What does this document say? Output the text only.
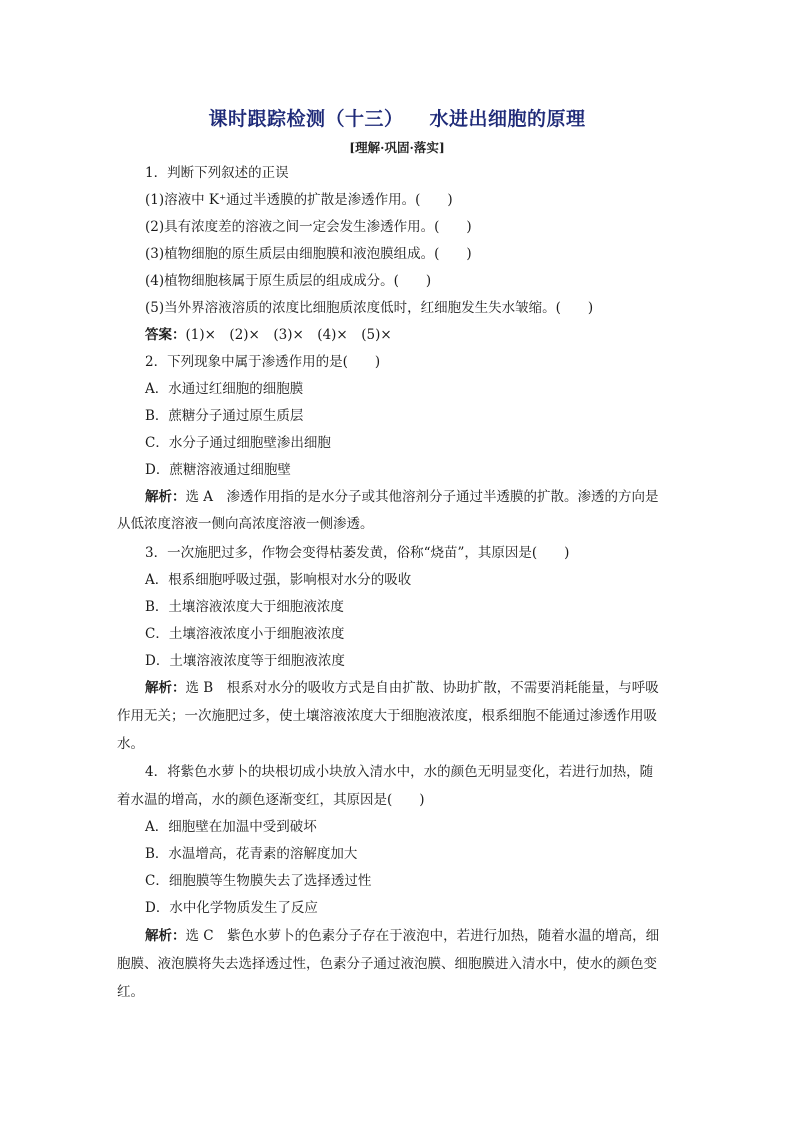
课时跟踪检测（十三） 水进出细胞的原理
[理解·巩固·落实]
1．判断下列叙述的正误
(1)溶液中 K⁺通过半透膜的扩散是渗透作用。(　　)
(2)具有浓度差的溶液之间一定会发生渗透作用。(　　)
(3)植物细胞的原生质层由细胞膜和液泡膜组成。(　　)
(4)植物细胞核属于原生质层的组成成分。(　　)
(5)当外界溶液溶质的浓度比细胞质浓度低时，红细胞发生失水皱缩。(　　)
答案：(1)×　(2)×　(3)×　(4)×　(5)×
2．下列现象中属于渗透作用的是(　　)
A．水通过红细胞的细胞膜
B．蔗糖分子通过原生质层
C．水分子通过细胞壁渗出细胞
D．蔗糖溶液通过细胞壁
解析：选 A　渗透作用指的是水分子或其他溶剂分子通过半透膜的扩散。渗透的方向是
从低浓度溶液一侧向高浓度溶液一侧渗透。
3．一次施肥过多，作物会变得枯萎发黄，俗称“烧苗”，其原因是(　　)
A．根系细胞呼吸过强，影响根对水分的吸收
B．土壤溶液浓度大于细胞液浓度
C．土壤溶液浓度小于细胞液浓度
D．土壤溶液浓度等于细胞液浓度
解析：选 B　根系对水分的吸收方式是自由扩散、协助扩散，不需要消耗能量，与呼吸
作用无关；一次施肥过多，使土壤溶液浓度大于细胞液浓度，根系细胞不能通过渗透作用吸
水。
4．将紫色水萝卜的块根切成小块放入清水中，水的颜色无明显变化，若进行加热，随
着水温的增高，水的颜色逐渐变红，其原因是(　　)
A．细胞壁在加温中受到破坏
B．水温增高，花青素的溶解度加大
C．细胞膜等生物膜失去了选择透过性
D．水中化学物质发生了反应
解析：选 C　紫色水萝卜的色素分子存在于液泡中，若进行加热，随着水温的增高，细
胞膜、液泡膜将失去选择透过性，色素分子通过液泡膜、细胞膜进入清水中，使水的颜色变
红。
